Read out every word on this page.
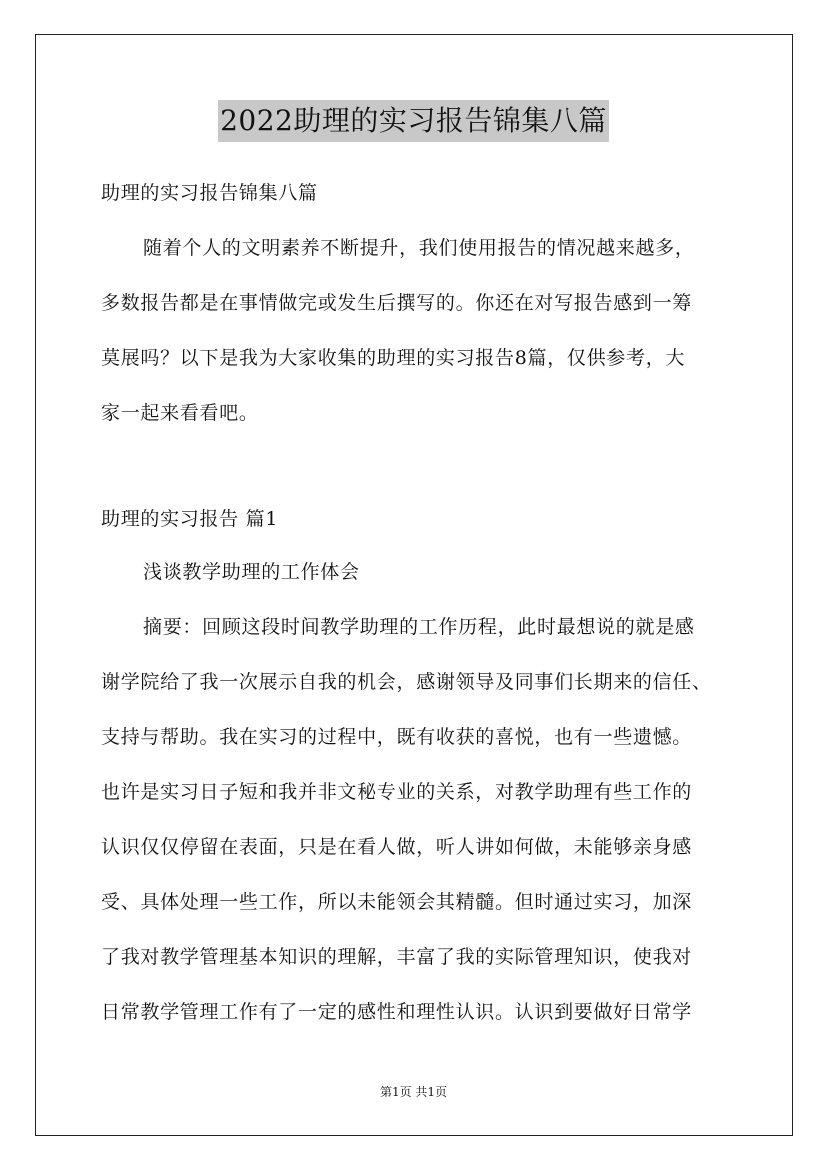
2022助理的实习报告锦集八篇

助理的实习报告锦集八篇

随着个人的文明素养不断提升，我们使用报告的情况越来越多，
多数报告都是在事情做完或发生后撰写的。你还在对写报告感到一筹
莫展吗？以下是我为大家收集的助理的实习报告8篇，仅供参考，大
家一起来看看吧。

助理的实习报告 篇1

浅谈教学助理的工作体会

摘要：回顾这段时间教学助理的工作历程，此时最想说的就是感
谢学院给了我一次展示自我的机会，感谢领导及同事们长期来的信任、
支持与帮助。我在实习的过程中，既有收获的喜悦，也有一些遗憾。
也许是实习日子短和我并非文秘专业的关系，对教学助理有些工作的
认识仅仅停留在表面，只是在看人做，听人讲如何做，未能够亲身感
受、具体处理一些工作，所以未能领会其精髓。但时通过实习，加深
了我对教学管理基本知识的理解，丰富了我的实际管理知识，使我对
日常教学管理工作有了一定的感性和理性认识。认识到要做好日常学

第1页 共1页
